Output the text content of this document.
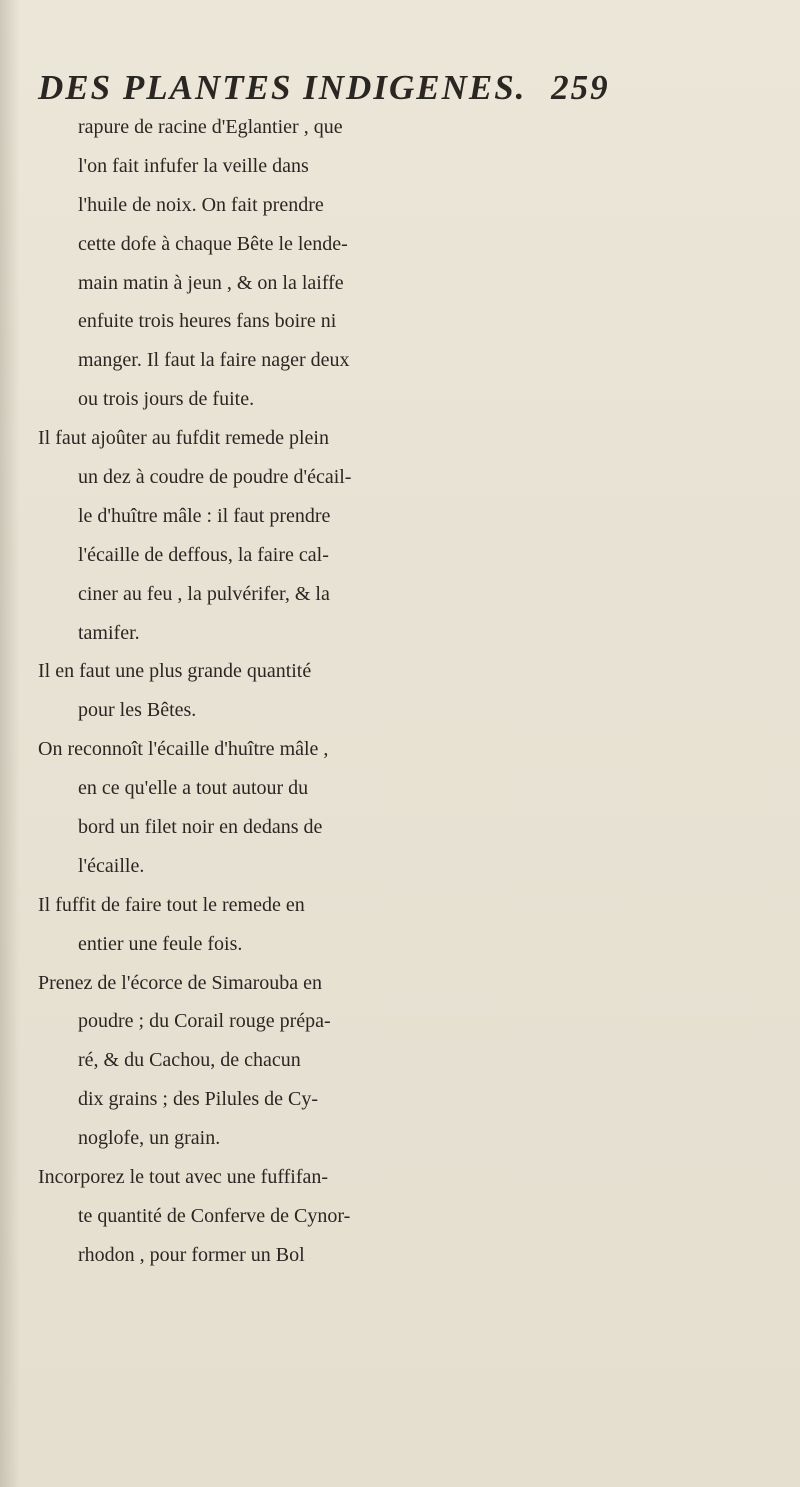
DES PLANTES INDIGENES. 259
rapure de racine d'Eglantier , que
l'on fait infufer la veille dans
l'huile de noix. On fait prendre
cette dofe à chaque Bête le lende-
main matin à jeun , & on la laiffe
enfuite trois heures fans boire ni
manger. Il faut la faire nager deux
ou trois jours de fuite.
Il faut ajoûter au fufdit remede plein
un dez à coudre de poudre d'écail-
le d'huître mâle : il faut prendre
l'écaille de deffous, la faire cal-
ciner au feu , la pulvérifer, & la
tamifer.
Il en faut une plus grande quantité
pour les Bêtes.
On reconnoît l'écaille d'huître mâle ,
en ce qu'elle a tout autour du
bord un filet noir en dedans de
l'écaille.
Il fuffit de faire tout le remede en
entier une feule fois.
Prenez de l'écorce de Simarouba en
poudre ; du Corail rouge prépa-
ré, & du Cachou, de chacun
dix grains ; des Pilules de Cy-
noglofe, un grain.
Incorporez le tout avec une fuffifan-
te quantité de Conferve de Cynor-
rhodon , pour former un Bol
